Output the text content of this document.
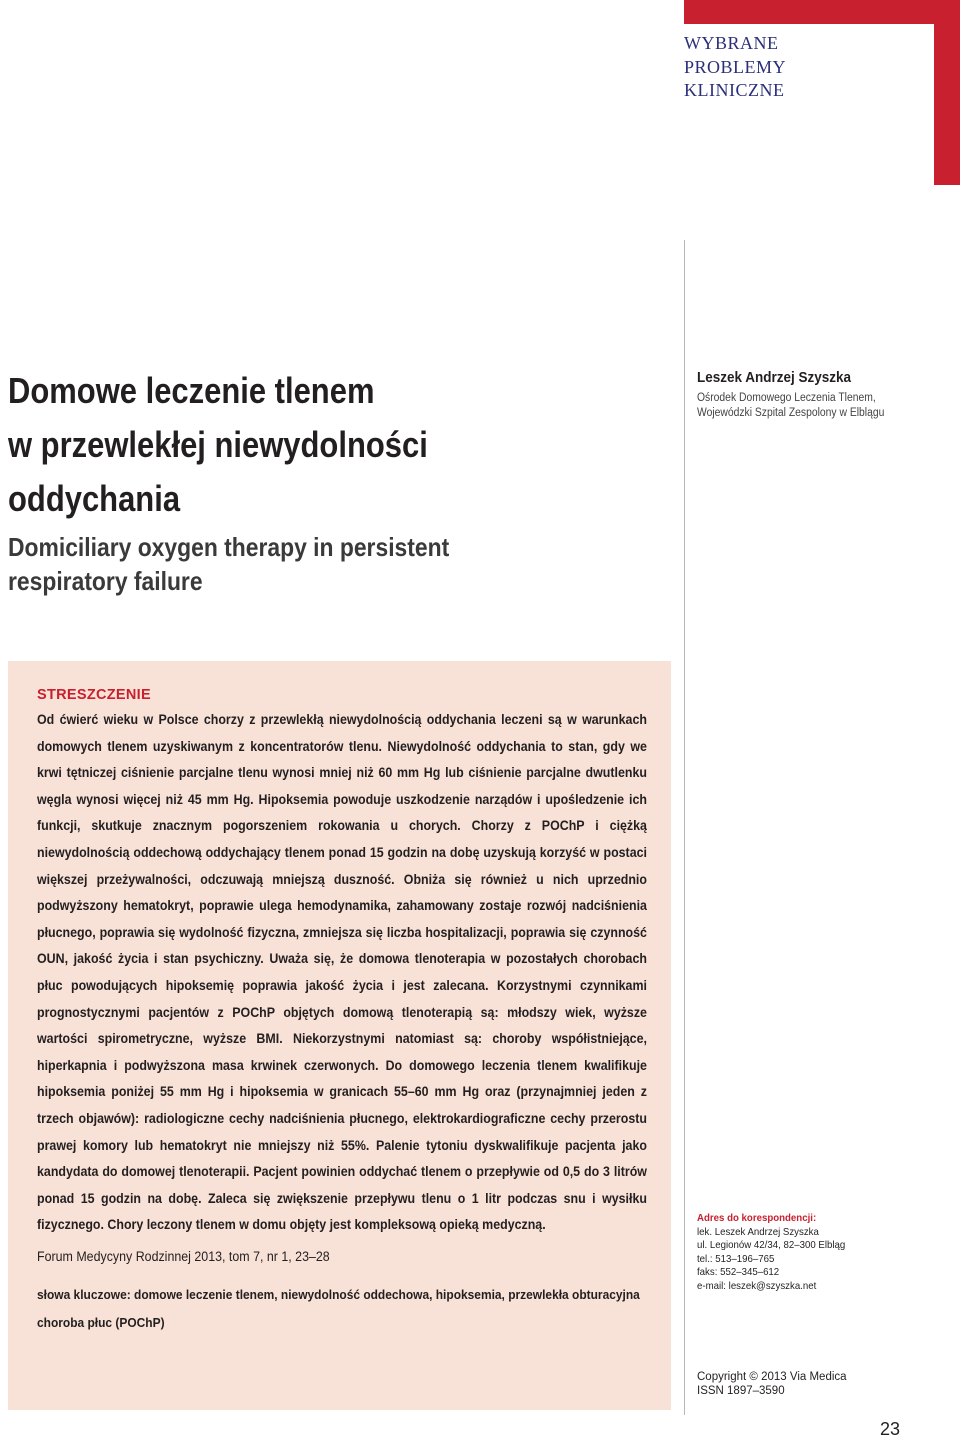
WYBRANE
PROBLEMY
KLINICZNE
Domowe leczenie tlenem
w przewlekłej niewydolności
oddychania
Domiciliary oxygen therapy in persistent
respiratory failure
Leszek Andrzej Szyszka
Ośrodek Domowego Leczenia Tlenem,
Wojewódzki Szpital Zespolony w Elblągu
STRESZCZENIE
Od ćwierć wieku w Polsce chorzy z przewlekłą niewydolnością oddychania leczeni są w warunkach domowych tlenem uzyskiwanym z koncentratorów tlenu. Niewydolność oddychania to stan, gdy we krwi tętniczej ciśnienie parcjalne tlenu wynosi mniej niż 60 mm Hg lub ciśnienie parcjalne dwutlenku węgla wynosi więcej niż 45 mm Hg. Hipoksemia powoduje uszkodzenie narządów i upośledzenie ich funkcji, skutkuje znacznym pogorszeniem rokowania u chorych. Chorzy z POChP i ciężką niewydolnością oddechową oddychający tlenem ponad 15 godzin na dobę uzyskują korzyść w postaci większej przeżywalności, odczuwają mniejszą duszność. Obniża się również u nich uprzednio podwyższony hematokryt, poprawie ulega hemodynamika, zahamowany zostaje rozwój nadciśnienia płucnego, poprawia się wydolność fizyczna, zmniejsza się liczba hospitalizacji, poprawia się czynność OUN, jakość życia i stan psychiczny. Uważa się, że domowa tlenoterapia w pozostałych chorobach płuc powodujących hipoksemię poprawia jakość życia i jest zalecana. Korzystnymi czynnikami prognostycznymi pacjentów z POChP objętych domową tlenoterapią są: młodszy wiek, wyższe wartości spirometryczne, wyższe BMI. Niekorzystnymi natomiast są: choroby współistniejące, hiperkapnia i podwyższona masa krwinek czerwonych. Do domowego leczenia tlenem kwalifikuje hipoksemia poniżej 55 mm Hg i hipoksemia w granicach 55–60 mm Hg oraz (przynajmniej jeden z trzech objawów): radiologiczne cechy nadciśnienia płucnego, elektrokardiograficzne cechy przerostu prawej komory lub hematokryt nie mniejszy niż 55%. Palenie tytoniu dyskwalifikuje pacjenta jako kandydata do domowej tlenoterapii. Pacjent powinien oddychać tlenem o przepływie od 0,5 do 3 litrów ponad 15 godzin na dobę. Zaleca się zwiększenie przepływu tlenu o 1 litr podczas snu i wysiłku fizycznego. Chory leczony tlenem w domu objęty jest kompleksową opieką medyczną.
Forum Medycyny Rodzinnej 2013, tom 7, nr 1, 23–28
słowa kluczowe: domowe leczenie tlenem, niewydolność oddechowa, hipoksemia, przewlekła obturacyjna choroba płuc (POChP)
Adres do korespondencji:
lek. Leszek Andrzej Szyszka
ul. Legionów 42/34, 82–300 Elbląg
tel.: 513–196–765
faks: 552–345–612
e-mail: leszek@szyszka.net
Copyright © 2013 Via Medica
ISSN 1897–3590
23
